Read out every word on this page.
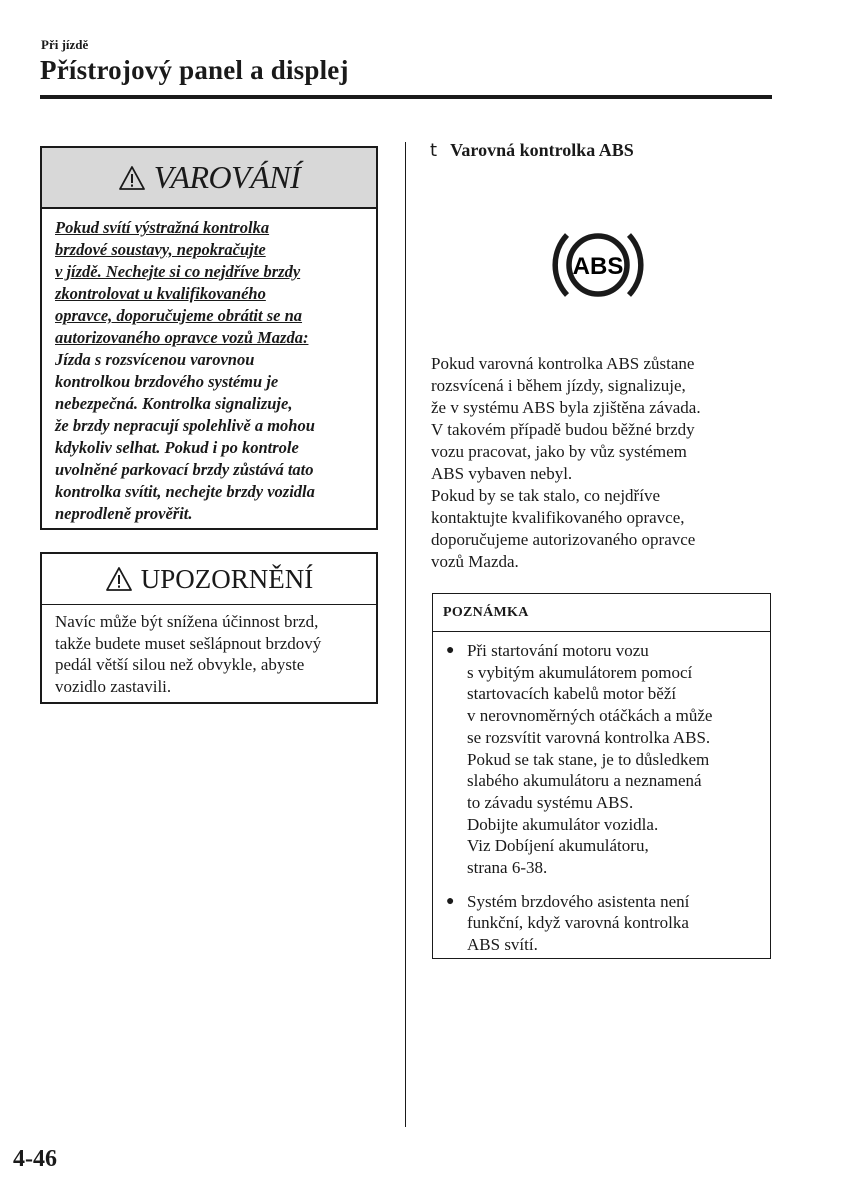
Při jízdě
Přístrojový panel a displej
VAROVÁNÍ
Pokud svítí výstražná kontrolka
brzdové soustavy, nepokračujte
v jízdě. Nechejte si co nejdříve brzdy
zkontrolovat u kvalifikovaného
opravce, doporučujeme obrátit se na
autorizovaného opravce vozů Mazda:
Jízda s rozsvícenou varovnou
kontrolkou brzdového systému je
nebezpečná. Kontrolka signalizuje,
že brzdy nepracují spolehlivě a mohou
kdykoliv selhat. Pokud i po kontrole
uvolněné parkovací brzdy zůstává tato
kontrolka svítit, nechejte brzdy vozidla
neprodleně prověřit.
UPOZORNĚNÍ
Navíc může být snížena účinnost brzd,
takže budete muset sešlápnout brzdový
pedál větší silou než obvykle, abyste
vozidlo zastavili.
t Varovná kontrolka ABS
ABS
Pokud varovná kontrolka ABS zůstane
rozsvícená i během jízdy, signalizuje,
že v systému ABS byla zjištěna závada.
V takovém případě budou běžné brzdy
vozu pracovat, jako by vůz systémem
ABS vybaven nebyl.
Pokud by se tak stalo, co nejdříve
kontaktujte kvalifikovaného opravce,
doporučujeme autorizovaného opravce
vozů Mazda.
POZNÁMKA
● Při startování motoru vozu
s vybitým akumulátorem pomocí
startovacích kabelů motor běží
v nerovnoměrných otáčkách a může
se rozsvítit varovná kontrolka ABS.
Pokud se tak stane, je to důsledkem
slabého akumulátoru a neznamená
to závadu systému ABS.
Dobijte akumulátor vozidla.
Viz Dobíjení akumulátoru,
strana 6-38.
● Systém brzdového asistenta není
funkční, když varovná kontrolka
ABS svítí.
4-46
